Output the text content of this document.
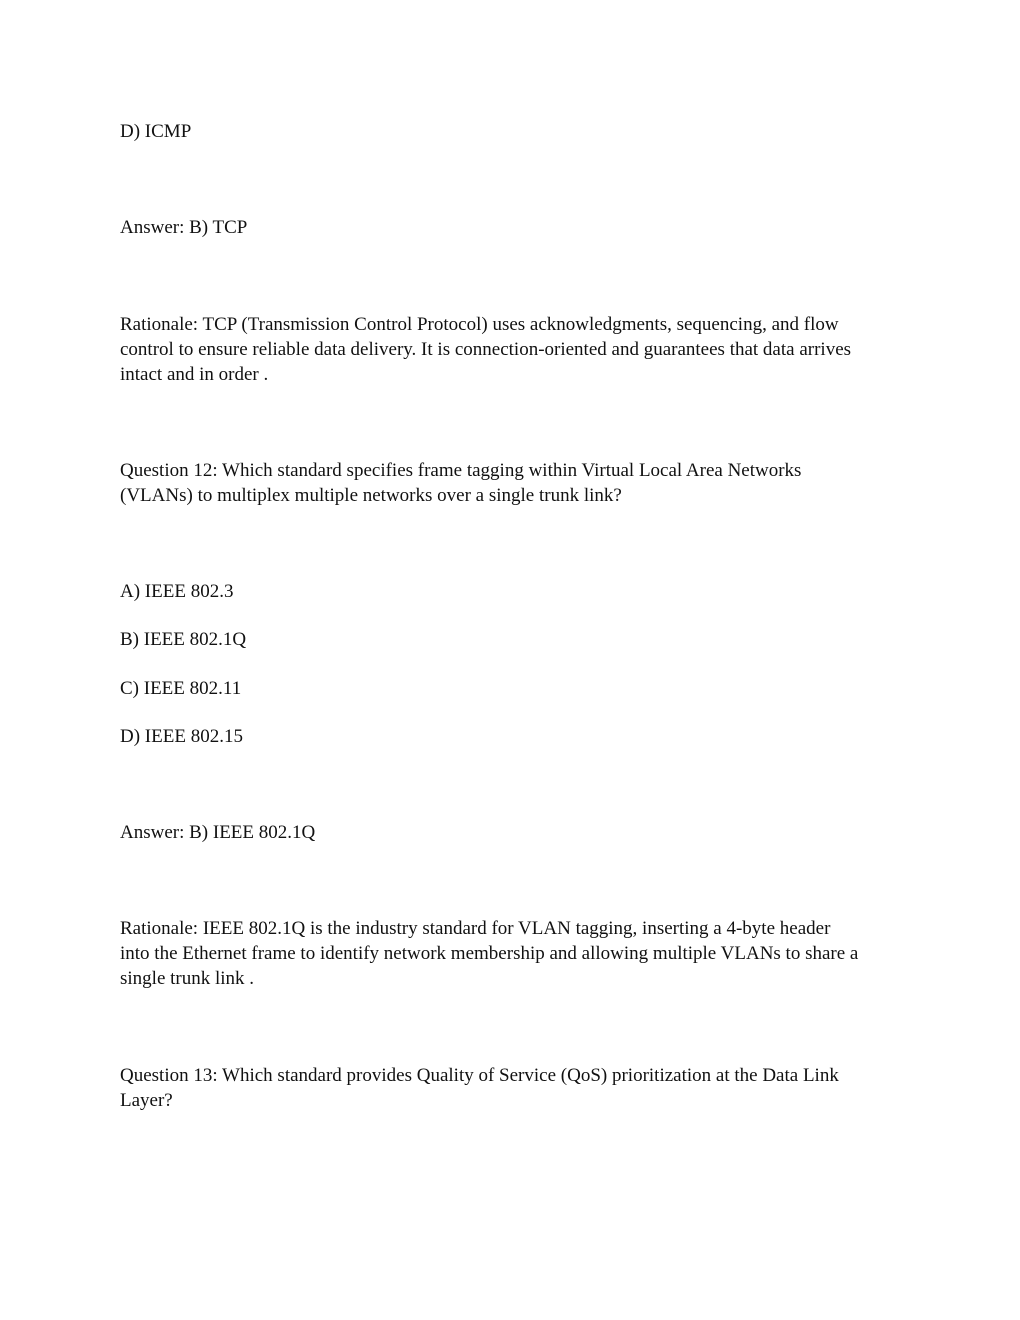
D) ICMP

Answer: B) TCP

Rationale: TCP (Transmission Control Protocol) uses acknowledgments, sequencing, and flow
control to ensure reliable data delivery. It is connection-oriented and guarantees that data arrives
intact and in order .
Question 12: Which standard specifies frame tagging within Virtual Local Area Networks
(VLANs) to multiplex multiple networks over a single trunk link?

A) IEEE 802.3

B) IEEE 802.1Q

C) IEEE 802.11

D) IEEE 802.15

Answer: B) IEEE 802.1Q

Rationale: IEEE 802.1Q is the industry standard for VLAN tagging, inserting a 4-byte header
into the Ethernet frame to identify network membership and allowing multiple VLANs to share a
single trunk link .
Question 13: Which standard provides Quality of Service (QoS) prioritization at the Data Link
Layer?
